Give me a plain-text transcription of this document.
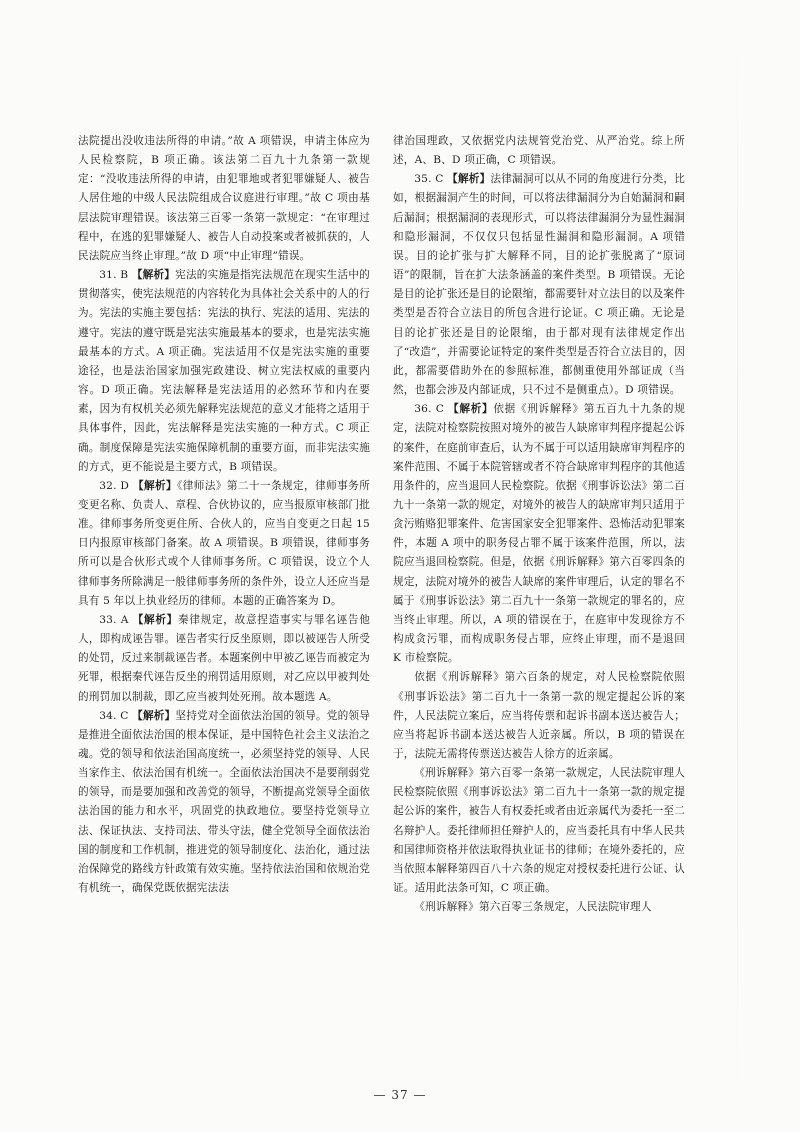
法院提出没收违法所得的申请。”故 A 项错误，申请主体应为人民检察院，B 项正确。该法第二百九十九条第一款规定：“没收违法所得的申请，由犯罪地或者犯罪嫌疑人、被告人居住地的中级人民法院组成合议庭进行审理。”故 C 项由基层法院审理错误。该法第三百零一条第一款规定：“在审理过程中，在逃的犯罪嫌疑人、被告人自动投案或者被抓获的，人民法院应当终止审理。”故 D 项“中止审理”错误。

31. B 【解析】宪法的实施是指宪法规范在现实生活中的贯彻落实，使宪法规范的内容转化为具体社会关系中的人的行为。宪法的实施主要包括：宪法的执行、宪法的适用、宪法的遵守。宪法的遵守既是宪法实施最基本的要求，也是宪法实施最基本的方式。A 项正确。宪法适用不仅是宪法实施的重要途径，也是法治国家加强宪政建设、树立宪法权威的重要内容。D 项正确。宪法解释是宪法适用的必然环节和内在要素，因为有权机关必须先解释宪法规范的意义才能将之适用于具体事件，因此，宪法解释是宪法实施的一种方式。C 项正确。制度保障是宪法实施保障机制的重要方面，而非宪法实施的方式，更不能说是主要方式，B 项错误。

32. D 【解析】《律师法》第二十一条规定，律师事务所变更名称、负责人、章程、合伙协议的，应当报原审核部门批准。律师事务所变更住所、合伙人的，应当自变更之日起 15 日内报原审核部门备案。故 A 项错误。B 项错误，律师事务所可以是合伙形式或个人律师事务所。C 项错误，设立个人律师事务所除满足一般律师事务所的条件外，设立人还应当是具有 5 年以上执业经历的律师。本题的正确答案为 D。

33. A 【解析】秦律规定，故意捏造事实与罪名诬告他人，即构成诬告罪。诬告者实行反坐原则，即以被诬告人所受的处罚，反过来制裁诬告者。本题案例中甲被乙诬告而被定为死罪，根据秦代诬告反坐的刑罚适用原则，对乙应以甲被判处的刑罚加以制裁，即乙应当被判处死刑。故本题选 A。

34. C 【解析】坚持党对全面依法治国的领导。党的领导是推进全面依法治国的根本保证，是中国特色社会主义法治之魂。党的领导和依法治国高度统一，必须坚持党的领导、人民当家作主、依法治国有机统一。全面依法治国决不是要削弱党的领导，而是要加强和改善党的领导，不断提高党领导全面依法治国的能力和水平，巩固党的执政地位。要坚持党领导立法、保证执法、支持司法、带头守法，健全党领导全面依法治国的制度和工作机制，推进党的领导制度化、法治化，通过法治保障党的路线方针政策有效实施。坚持依法治国和依规治党有机统一，确保党既依据宪法法

律治国理政，又依据党内法规管党治党、从严治党。综上所述，A、B、D 项正确，C 项错误。

35. C 【解析】法律漏洞可以从不同的角度进行分类，比如，根据漏洞产生的时间，可以将法律漏洞分为自始漏洞和嗣后漏洞；根据漏洞的表现形式，可以将法律漏洞分为显性漏洞和隐形漏洞，不仅仅只包括显性漏洞和隐形漏洞。A 项错误。目的论扩张与扩大解释不同，目的论扩张脱离了“原词语”的限制，旨在扩大法条涵盖的案件类型。B 项错误。无论是目的论扩张还是目的论限缩，都需要针对立法目的以及案件类型是否符合立法目的所包含进行论证。C 项正确。无论是目的论扩张还是目的论限缩，由于都对现有法律规定作出了“改造”，并需要论证特定的案件类型是否符合立法目的，因此，都需要借助外在的参照标准，都侧重使用外部证成（当然，也都会涉及内部证成，只不过不是侧重点）。D 项错误。

36. C 【解析】依据《刑诉解释》第五百九十九条的规定，法院对检察院按照对境外的被告人缺席审判程序提起公诉的案件，在庭前审查后，认为不属于可以适用缺席审判程序的案件范围、不属于本院管辖或者不符合缺席审判程序的其他适用条件的，应当退回人民检察院。依据《刑事诉讼法》第二百九十一条第一款的规定，对境外的被告人的缺席审判只适用于贪污贿赂犯罪案件、危害国家安全犯罪案件、恐怖活动犯罪案件，本题 A 项中的职务侵占罪不属于该案件范围，所以，法院应当退回检察院。但是，依据《刑诉解释》第六百零四条的规定，法院对境外的被告人缺席的案件审理后，认定的罪名不属于《刑事诉讼法》第二百九十一条第一款规定的罪名的，应当终止审理。所以，A 项的错误在于，在庭审中发现徐方不构成贪污罪，而构成职务侵占罪，应终止审理，而不是退回 K 市检察院。

依据《刑诉解释》第六百条的规定，对人民检察院依照《刑事诉讼法》第二百九十一条第一款的规定提起公诉的案件，人民法院立案后，应当将传票和起诉书副本送达被告人；应当将起诉书副本送达被告人近亲属。所以，B 项的错误在于，法院无需将传票送达被告人徐方的近亲属。

《刑诉解释》第六百零一条第一款规定，人民法院审理人民检察院依照《刑事诉讼法》第二百九十一条第一款的规定提起公诉的案件，被告人有权委托或者由近亲属代为委托一至二名辩护人。委托律师担任辩护人的，应当委托具有中华人民共和国律师资格并依法取得执业证书的律师；在境外委托的，应当依照本解释第四百八十六条的规定对授权委托进行公证、认证。适用此法条可知，C 项正确。

《刑诉解释》第六百零三条规定，人民法院审理人

— 37 —
